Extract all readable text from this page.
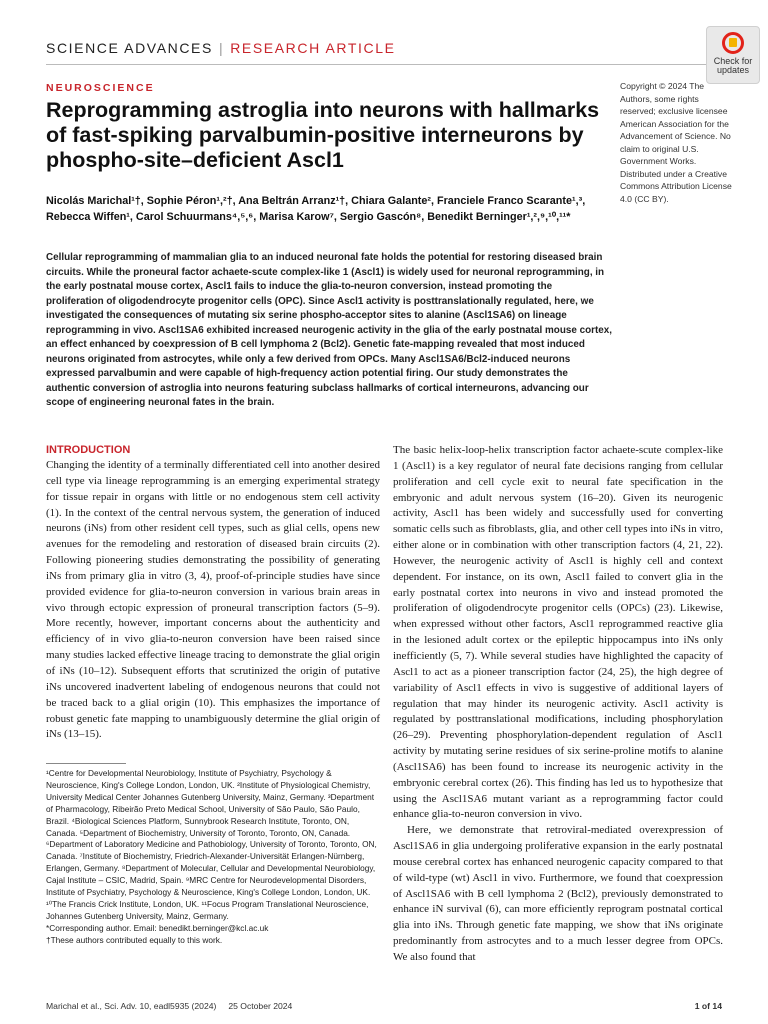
SCIENCE ADVANCES | RESEARCH ARTICLE
Check for
updates
NEUROSCIENCE
Reprogramming astroglia into neurons with hallmarks of fast-spiking parvalbumin-positive interneurons by phospho-site–deficient Ascl1
Nicolás Marichal¹†, Sophie Péron¹,²†, Ana Beltrán Arranz¹†, Chiara Galante², Franciele Franco Scarante¹,³, Rebecca Wiffen¹, Carol Schuurmans⁴,⁵,⁶, Marisa Karow⁷, Sergio Gascón⁸, Benedikt Berninger¹,²,⁹,¹⁰,¹¹*
Copyright © 2024 The Authors, some rights reserved; exclusive licensee American Association for the Advancement of Science. No claim to original U.S. Government Works. Distributed under a Creative Commons Attribution License 4.0 (CC BY).

Cellular reprogramming of mammalian glia to an induced neuronal fate holds the potential for restoring diseased brain circuits. While the proneural factor achaete-scute complex-like 1 (Ascl1) is widely used for neuronal reprogramming, in the early postnatal mouse cortex, Ascl1 fails to induce the glia-to-neuron conversion, instead promoting the proliferation of oligodendrocyte progenitor cells (OPC). Since Ascl1 activity is posttranslationally regulated, here, we investigated the consequences of mutating six serine phospho-acceptor sites to alanine (Ascl1SA6) on lineage reprogramming in vivo. Ascl1SA6 exhibited increased neurogenic activity in the glia of the early postnatal mouse cortex, an effect enhanced by coexpression of B cell lymphoma 2 (Bcl2). Genetic fate-mapping revealed that most induced neurons originated from astrocytes, while only a few derived from OPCs. Many Ascl1SA6/Bcl2-induced neurons expressed parvalbumin and were capable of high-frequency action potential firing. Our study demonstrates the authentic conversion of astroglia into neurons featuring subclass hallmarks of cortical interneurons, advancing our scope of engineering neuronal fates in the brain.

INTRODUCTION

Changing the identity of a terminally differentiated cell into another desired cell type via lineage reprogramming is an emerging experimental strategy for tissue repair in organs with little or no endogenous stem cell activity (1). In the context of the central nervous system, the generation of induced neurons (iNs) from other resident cell types, such as glial cells, opens new avenues for the remodeling and restoration of diseased brain circuits (2). Following pioneering studies demonstrating the possibility of generating iNs from primary glia in vitro (3, 4), proof-of-principle studies have since provided evidence for glia-to-neuron conversion in various brain areas in vivo through ectopic expression of proneural transcription factors (5–9). More recently, however, important concerns about the authenticity and efficiency of in vivo glia-to-neuron conversion have been raised since many studies lacked effective lineage tracing to demonstrate the glial origin of iNs (10–12). Subsequent efforts that scrutinized the origin of putative iNs uncovered inadvertent labeling of endogenous neurons that could not be traced back to a glial origin (10). This emphasizes the importance of robust genetic fate mapping to unambiguously determine the glial origin of iNs (13–15).

The basic helix-loop-helix transcription factor achaete-scute complex-like 1 (Ascl1) is a key regulator of neural fate decisions ranging from cellular proliferation and cell cycle exit to neural fate specification in the embryonic and adult nervous system (16–20). Given its neurogenic activity, Ascl1 has been widely and successfully used for converting somatic cells such as fibroblasts, glia, and other cell types into iNs in vitro, either alone or in combination with other transcription factors (4, 21, 22). However, the neurogenic activity of Ascl1 is highly cell and context dependent. For instance, on its own, Ascl1 failed to convert glia in the early postnatal cortex into neurons in vivo and instead promoted the proliferation of oligodendrocyte progenitor cells (OPCs) (23). Likewise, when expressed without other factors, Ascl1 reprogrammed reactive glia in the lesioned adult cortex or the epileptic hippocampus into iNs only inefficiently (5, 7). While several studies have highlighted the capacity of Ascl1 to act as a pioneer transcription factor (24, 25), the high degree of variability of Ascl1 effects in vivo is suggestive of additional layers of regulation that may hinder its neurogenic activity. Ascl1 activity is regulated by posttranslational modifications, including phosphorylation (26–29). Preventing phosphorylation-dependent regulation of Ascl1 activity by mutating serine residues of six serine-proline motifs to alanine (Ascl1SA6) has been found to increase its neurogenic activity in the embryonic cerebral cortex (26). This finding has led us to hypothesize that using the Ascl1SA6 mutant variant as a reprogramming factor could enhance glia-to-neuron conversion in vivo.

Here, we demonstrate that retroviral-mediated overexpression of Ascl1SA6 in glia undergoing proliferative expansion in the early postnatal mouse cerebral cortex has enhanced neurogenic capacity compared to that of wild-type (wt) Ascl1 in vivo. Furthermore, we found that coexpression of Ascl1SA6 with B cell lymphoma 2 (Bcl2), previously demonstrated to enhance iN survival (6), can more efficiently reprogram postnatal cortical glia into iNs. Through genetic fate mapping, we show that iNs originate predominantly from astrocytes and to a much lesser degree from OPCs. We also found that

¹Centre for Developmental Neurobiology, Institute of Psychiatry, Psychology & Neuroscience, King's College London, London, UK. ²Institute of Physiological Chemistry, University Medical Center Johannes Gutenberg University, Mainz, Germany. ³Department of Pharmacology, Ribeirão Preto Medical School, University of São Paulo, São Paulo, Brazil. ⁴Biological Sciences Platform, Sunnybrook Research Institute, Toronto, ON, Canada. ⁵Department of Biochemistry, University of Toronto, Toronto, ON, Canada. ⁶Department of Laboratory Medicine and Pathobiology, University of Toronto, Toronto, ON, Canada. ⁷Institute of Biochemistry, Friedrich-Alexander-Universität Erlangen-Nürnberg, Erlangen, Germany. ⁸Department of Molecular, Cellular and Developmental Neurobiology, Cajal Institute – CSIC, Madrid, Spain. ⁹MRC Centre for Neurodevelopmental Disorders, Institute of Psychiatry, Psychology & Neuroscience, King's College London, London, UK. ¹⁰The Francis Crick Institute, London, UK. ¹¹Focus Program Translational Neuroscience, Johannes Gutenberg University, Mainz, Germany.

*Corresponding author. Email: benedikt.berninger@kcl.ac.uk

†These authors contributed equally to this work.

Marichal et al., Sci. Adv. 10, eadl5935 (2024)     25 October 2024	1 of 14
